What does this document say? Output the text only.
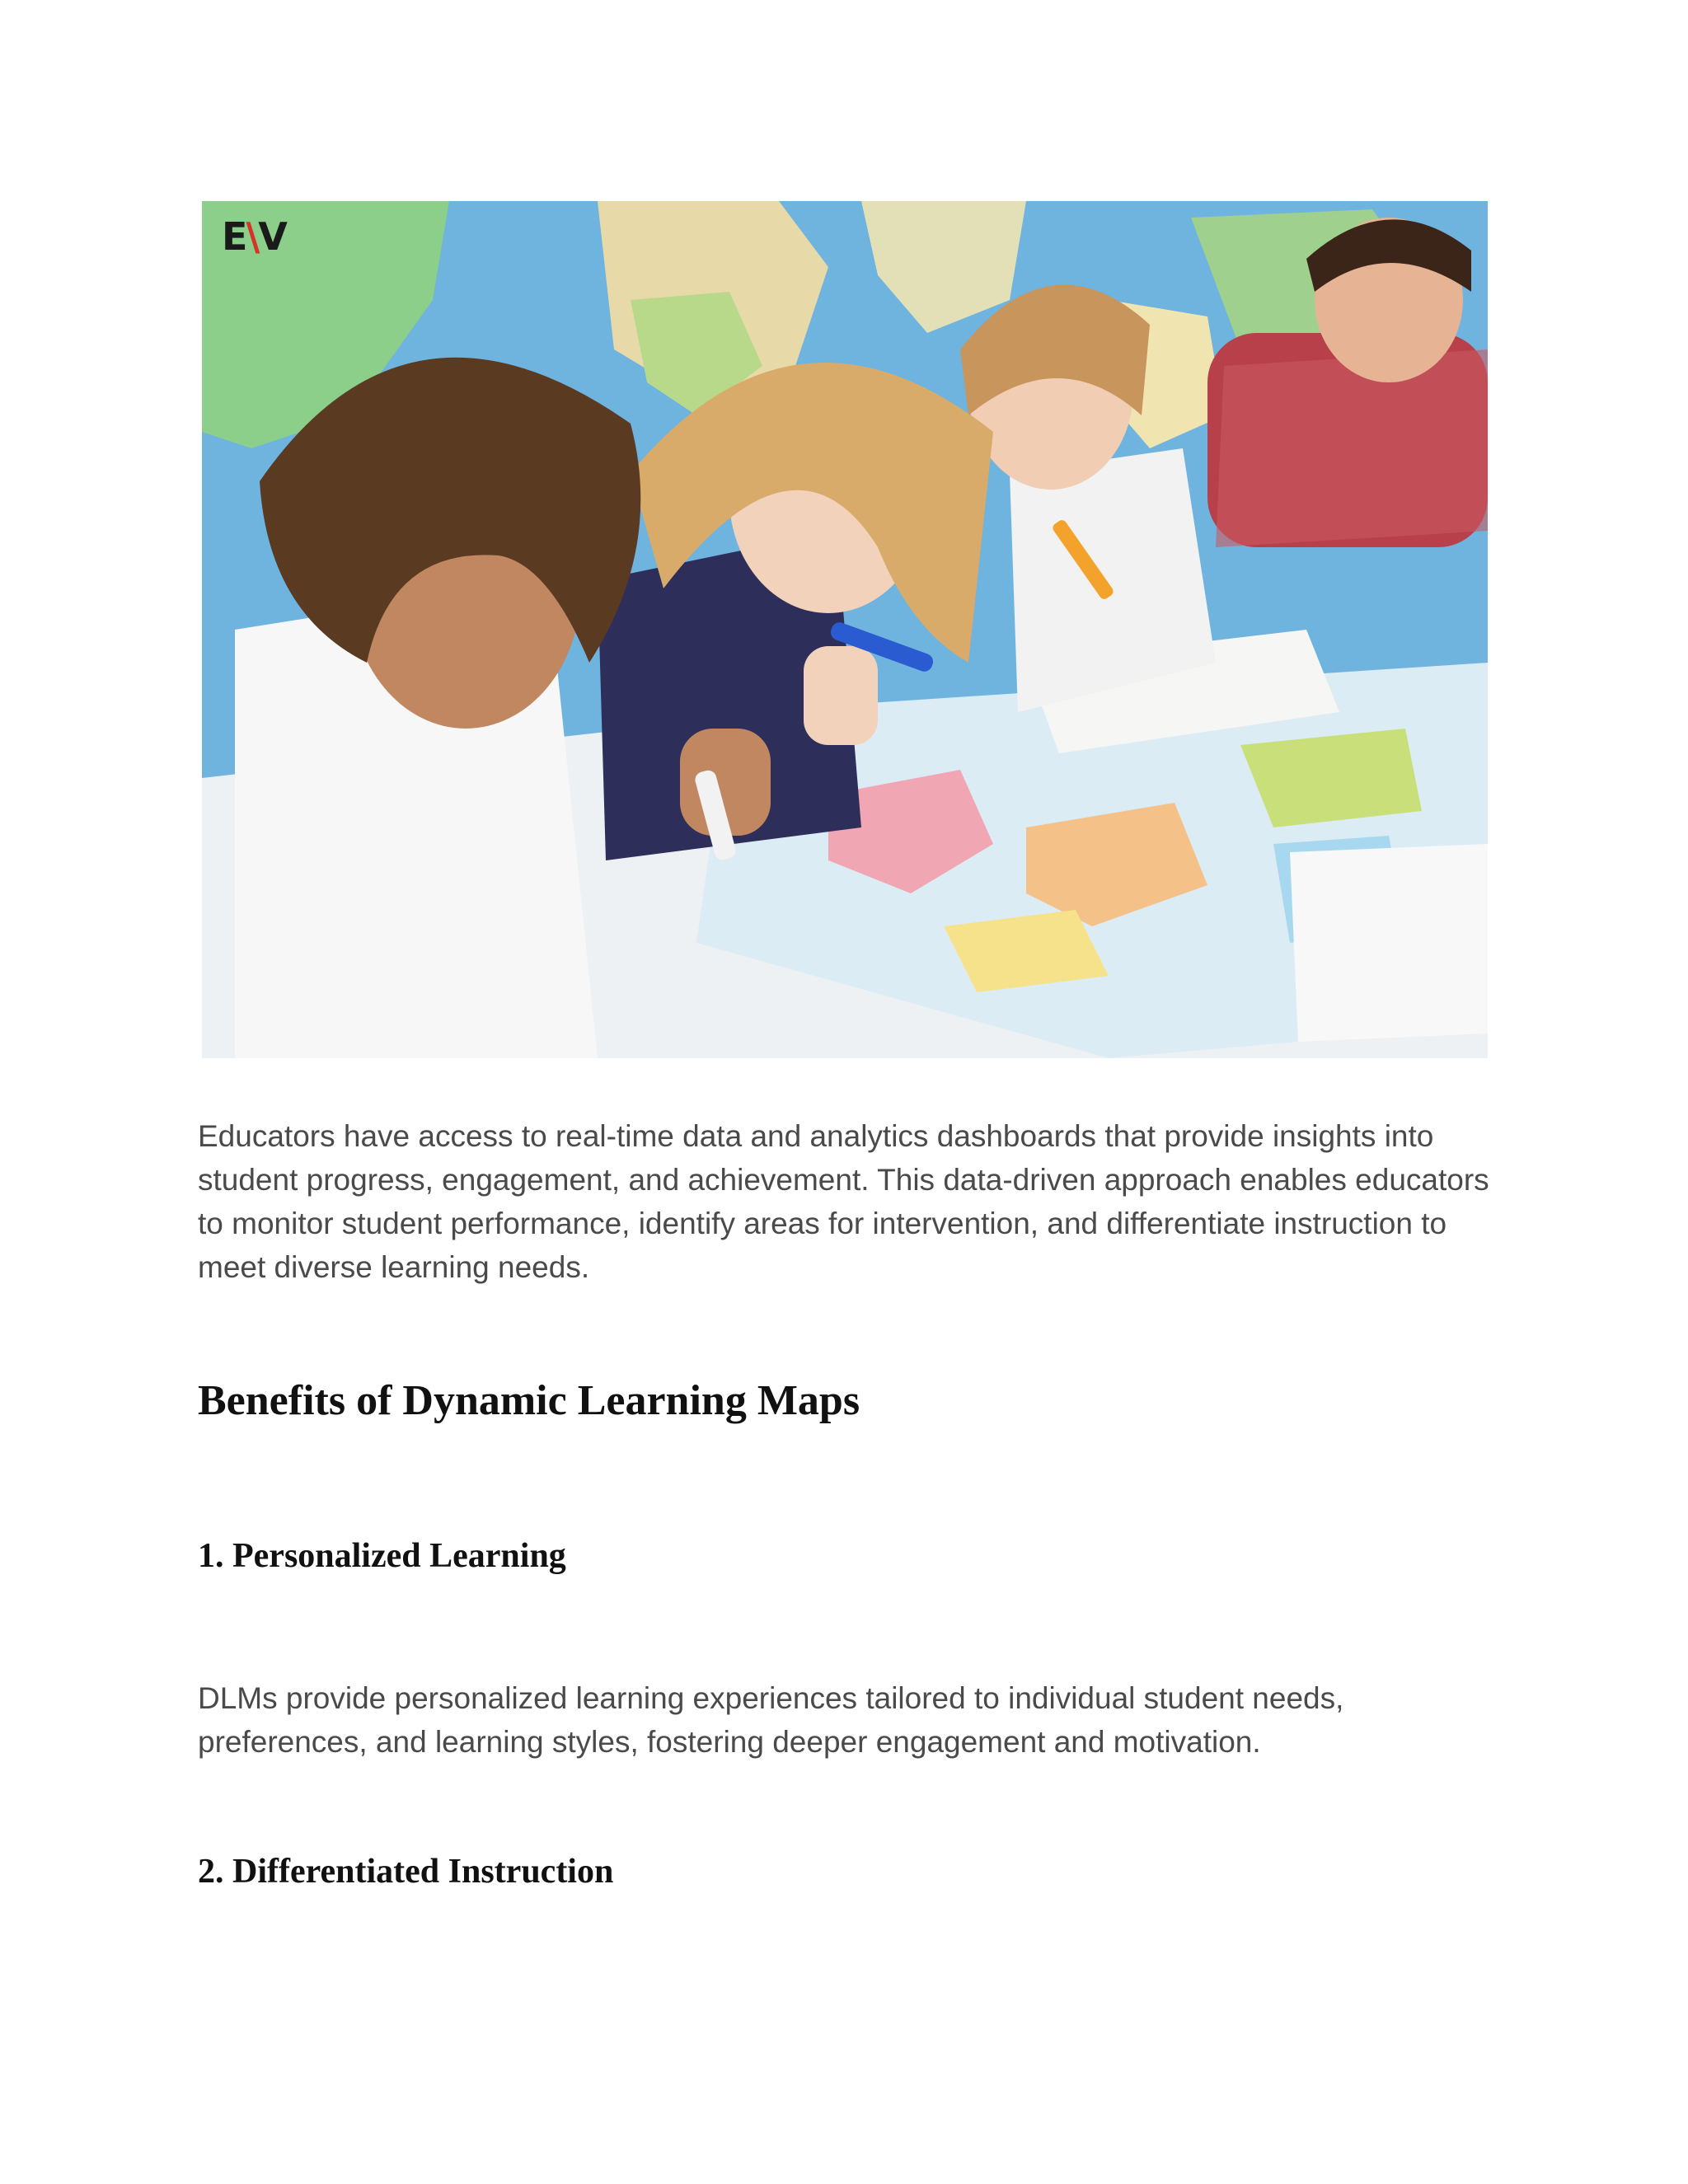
E\V

Educators have access to real-time data and analytics dashboards that provide insights into student progress, engagement, and achievement. This data-driven approach enables educators to monitor student performance, identify areas for intervention, and differentiate instruction to meet diverse learning needs.

Benefits of Dynamic Learning Maps
1. Personalized Learning

DLMs provide personalized learning experiences tailored to individual student needs, preferences, and learning styles, fostering deeper engagement and motivation.

2. Differentiated Instruction
